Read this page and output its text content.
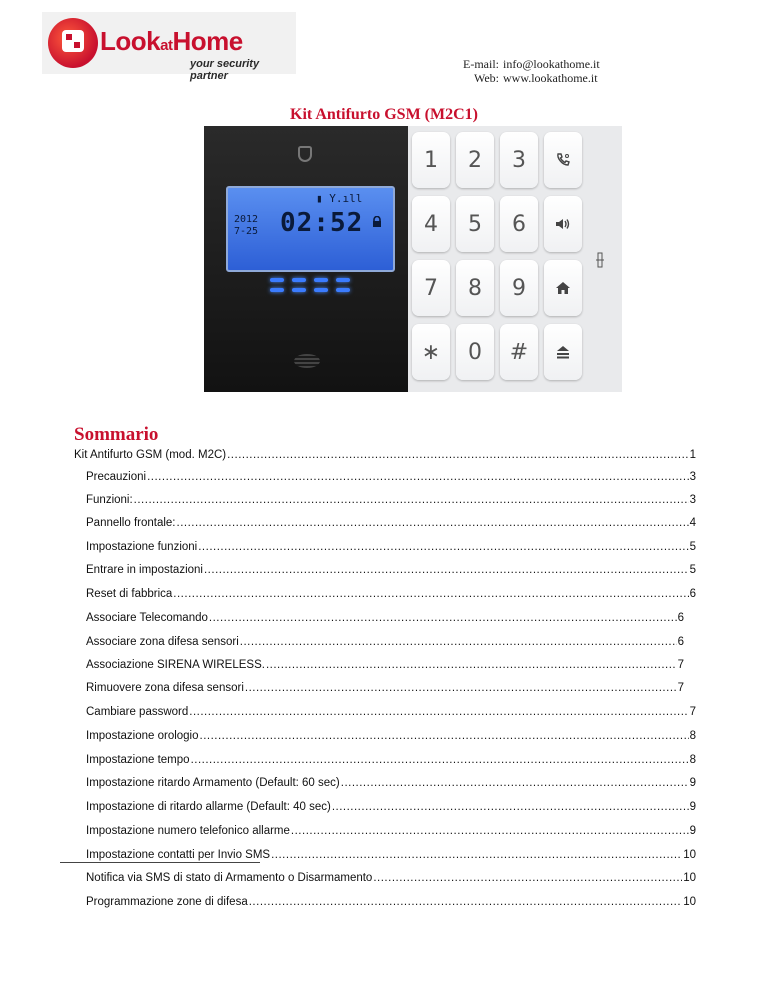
LookatHome
your security partner
E-mail: info@lookathome.it
Web: www.lookathome.it
Kit Antifurto GSM (M2C1)
▮ Y.ıll
2012
7-25 02:52
1	2	3
4	5	6
7	8	9
∗	0	#
Sommario
Kit Antifurto GSM (mod. M2C) .....	1
Precauzioni .....	3
Funzioni: .....	3
Pannello frontale: .....	4
Impostazione funzioni .....	5
Entrare in impostazioni .....	5
Reset di fabbrica .....	6
Associare Telecomando .....	6
Associare zona difesa sensori .....	6
Associazione SIRENA WIRELESS. .....	7
Rimuovere zona difesa sensori .....	7
Cambiare password .....	7
Impostazione orologio .....	8
Impostazione tempo .....	8
Impostazione ritardo Armamento (Default: 60 sec) .....	9
Impostazione di ritardo allarme (Default: 40 sec) .....	9
Impostazione numero telefonico allarme .....	9
Impostazione contatti per Invio SMS .....	10
Notifica via SMS di stato di Armamento o Disarmamento .....	10
Programmazione zone di difesa .....	10
